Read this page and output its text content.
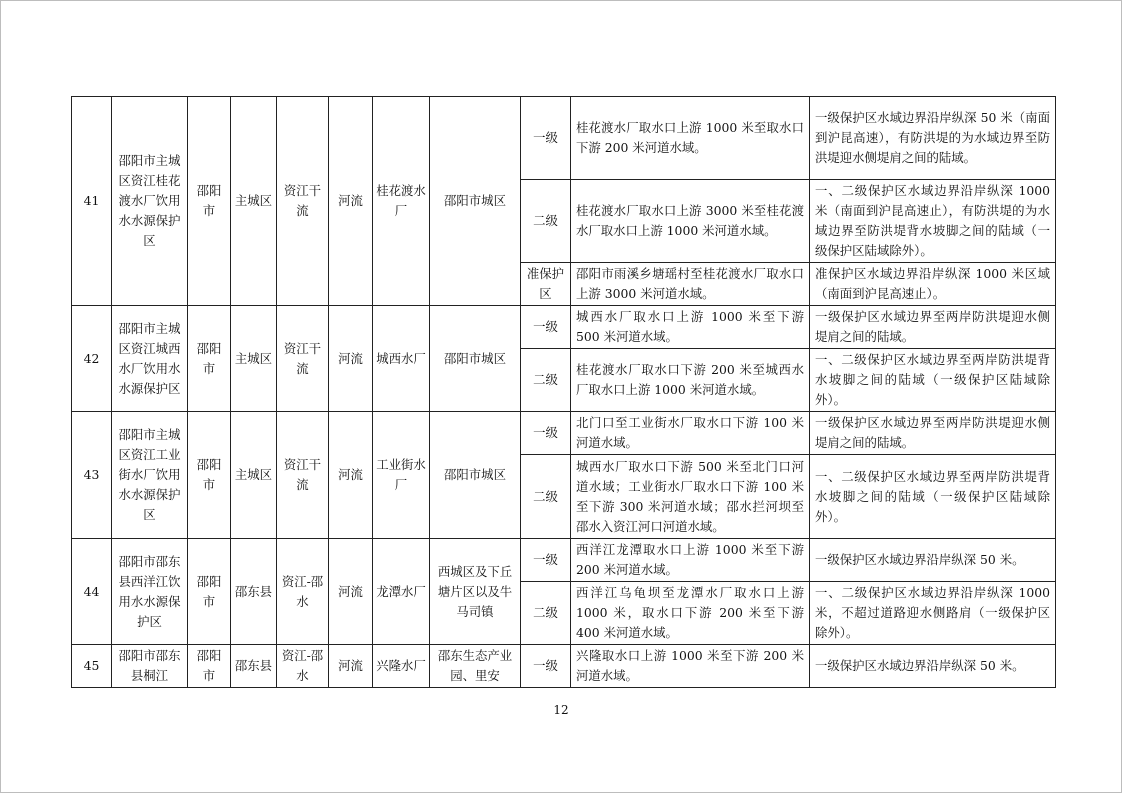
41	邵阳市主城区资江桂花渡水厂饮用水水源保护区	邵阳市	主城区	资江干流	河流	桂花渡水厂	邵阳市城区	一级	桂花渡水厂取水口上游 1000 米至取水口下游 200 米河道水域。	一级保护区水域边界沿岸纵深 50 米（南面到沪昆高速），有防洪堤的为水域边界至防洪堤迎水侧堤肩之间的陆域。
								二级	桂花渡水厂取水口上游 3000 米至桂花渡水厂取水口上游 1000 米河道水域。	一、二级保护区水域边界沿岸纵深 1000 米（南面到沪昆高速止），有防洪堤的为水域边界至防洪堤背水坡脚之间的陆域（一级保护区陆域除外）。
								准保护区	邵阳市雨溪乡塘瑶村至桂花渡水厂取水口上游 3000 米河道水域。	准保护区水域边界沿岸纵深 1000 米区域（南面到沪昆高速止）。
42	邵阳市主城区资江城西水厂饮用水水源保护区	邵阳市	主城区	资江干流	河流	城西水厂	邵阳市城区	一级	城西水厂取水口上游 1000 米至下游 500 米河道水域。	一级保护区水域边界至两岸防洪堤迎水侧堤肩之间的陆域。
								二级	桂花渡水厂取水口下游 200 米至城西水厂取水口上游 1000 米河道水域。	一、二级保护区水域边界至两岸防洪堤背水坡脚之间的陆域（一级保护区陆域除外）。
43	邵阳市主城区资江工业街水厂饮用水水源保护区	邵阳市	主城区	资江干流	河流	工业街水厂	邵阳市城区	一级	北门口至工业街水厂取水口下游 100 米河道水域。	一级保护区水域边界至两岸防洪堤迎水侧堤肩之间的陆域。
								二级	城西水厂取水口下游 500 米至北门口河道水域；工业街水厂取水口下游 100 米至下游 300 米河道水域；邵水拦河坝至邵水入资江河口河道水域。	一、二级保护区水域边界至两岸防洪堤背水坡脚之间的陆域（一级保护区陆域除外）。
44	邵阳市邵东县西洋江饮用水水源保护区	邵阳市	邵东县	资江-邵水	河流	龙潭水厂	西城区及下丘塘片区以及牛马司镇	一级	西洋江龙潭取水口上游 1000 米至下游 200 米河道水域。	一级保护区水域边界沿岸纵深 50 米。
								二级	西洋江乌龟坝至龙潭水厂取水口上游 1000 米，取水口下游 200 米至下游 400 米河道水域。	一、二级保护区水域边界沿岸纵深 1000 米，不超过道路迎水侧路肩（一级保护区除外）。
45	邵阳市邵东县桐江	邵阳市	邵东县	资江-邵水	河流	兴隆水厂	邵东生态产业园、里安	一级	兴隆取水口上游 1000 米至下游 200 米河道水域。	一级保护区水域边界沿岸纵深 50 米。
12
